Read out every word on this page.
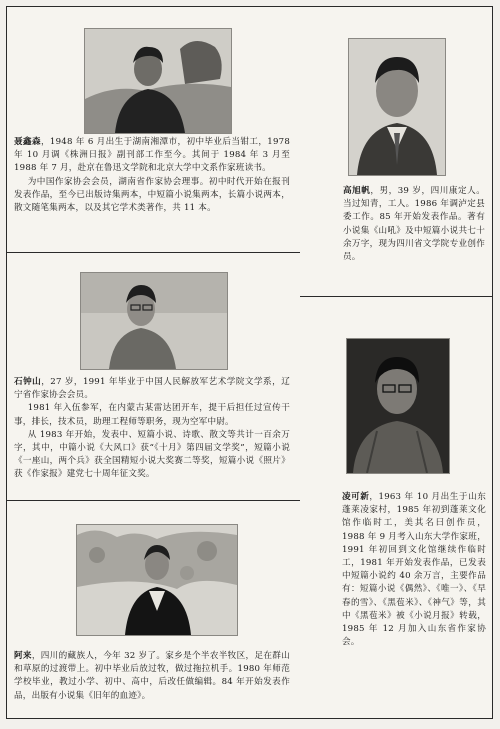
聂鑫森，1948 年 6 月出生于湖南湘潭市，初中毕业后当钳工，1978 年 10 月调《株洲日报》副刊部工作至今。其间于 1984 年 3 月至 1988 年 7 月，赴京在鲁迅文学院和北京大学中文系作家班读书。

为中国作家协会会员，湖南省作家协会理事。初中时代开始在报刊发表作品，至今已出版诗集两本，中短篇小说集两本，长篇小说两本，散文随笔集两本，以及其它学术类著作，共 11 本。

高旭帆，男，39 岁，四川康定人。当过知青，工人。1986 年调泸定县委工作。85 年开始发表作品。著有小说集《山吼》及中短篇小说共七十余万字，现为四川省文学院专业创作员。

石钟山，27 岁，1991 年毕业于中国人民解放军艺术学院文学系，辽宁省作家协会会员。

1981 年入伍参军，在内蒙古某雷达团开车，提干后担任过宣传干事，排长，技术员，助理工程师等职务，现为空军中尉。

从 1983 年开始，发表中、短篇小说、诗歌、散文等共计一百余万字，其中，中篇小说《大风口》获“《十月》第四届文学奖”，短篇小说《一座山，两个兵》获全国精短小说大奖赛二等奖，短篇小说《照片》获《作家报》建党七十周年征文奖。

凌可新，1963 年 10 月出生于山东蓬莱凌家村，1985 年初到蓬莱文化馆作临时工，美其名曰创作员，1988 年 9 月考入山东大学作家班，1991 年初回到文化馆继续作临时工，1981 年开始发表作品，已发表中短篇小说约 40 余万言，主要作品有：短篇小说《偶然》、《唯一》、《早春的雪》、《黑苞米》、《神气》等，其中《黑苞米》被《小说月报》转载，1985 年 12 月加入山东省作家协会。

阿来，四川的藏族人，今年 32 岁了。家乡是个半农半牧区，足在群山和草原的过渡带上。初中毕业后放过牧，做过拖拉机手。1980 年师范学校毕业，教过小学、初中、高中，后改任做编辑。84 年开始发表作品，出版有小说集《旧年的血迹》。
